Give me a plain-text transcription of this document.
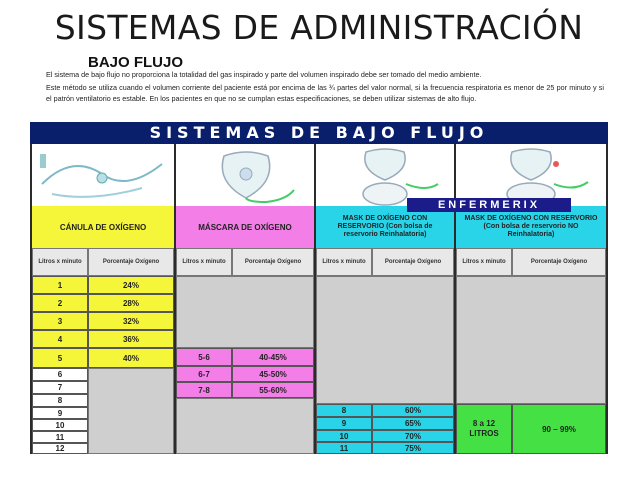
SISTEMAS DE ADMINISTRACIÓN
BAJO FLUJO
El sistema de bajo flujo no proporciona la totalidad del gas inspirado y parte del volumen inspirado debe ser tomado del medio ambiente.
Este método se utiliza cuando el volumen corriente del paciente está por encima de las ¾ partes del valor normal, si la frecuencia respiratoria es menor de 25 por minuto y si el patrón ventilatorio es estable. En los pacientes en que no se cumplan estas especificaciones, se deben utilizar sistemas de alto flujo.
SISTEMAS DE BAJO FLUJO
CÁNULA DE OXÍGENO
Litros x minuto	Porcentaje Oxígeno
1	24%
2	28%
3	32%
4	36%
5	40%
6
7
8
9
10
11
12
MÁSCARA DE OXÍGENO
Litros x minuto	Porcentaje Oxígeno
5-6	40-45%
6-7	45-50%
7-8	55-60%
MASK DE OXÍGENO CON RESERVORIO (Con bolsa de reservorio Reinhalatoria)
Litros x minuto	Porcentaje Oxígeno
8	60%
9	65%
10	70%
11	75%
MASK DE OXÍGENO CON RESERVORIO (Con bolsa de reservorio NO Reinhalatoria)
Litros x minuto	Porcentaje Oxígeno
8 a 12 LITROS	90 – 99%
ENFERMERIX
